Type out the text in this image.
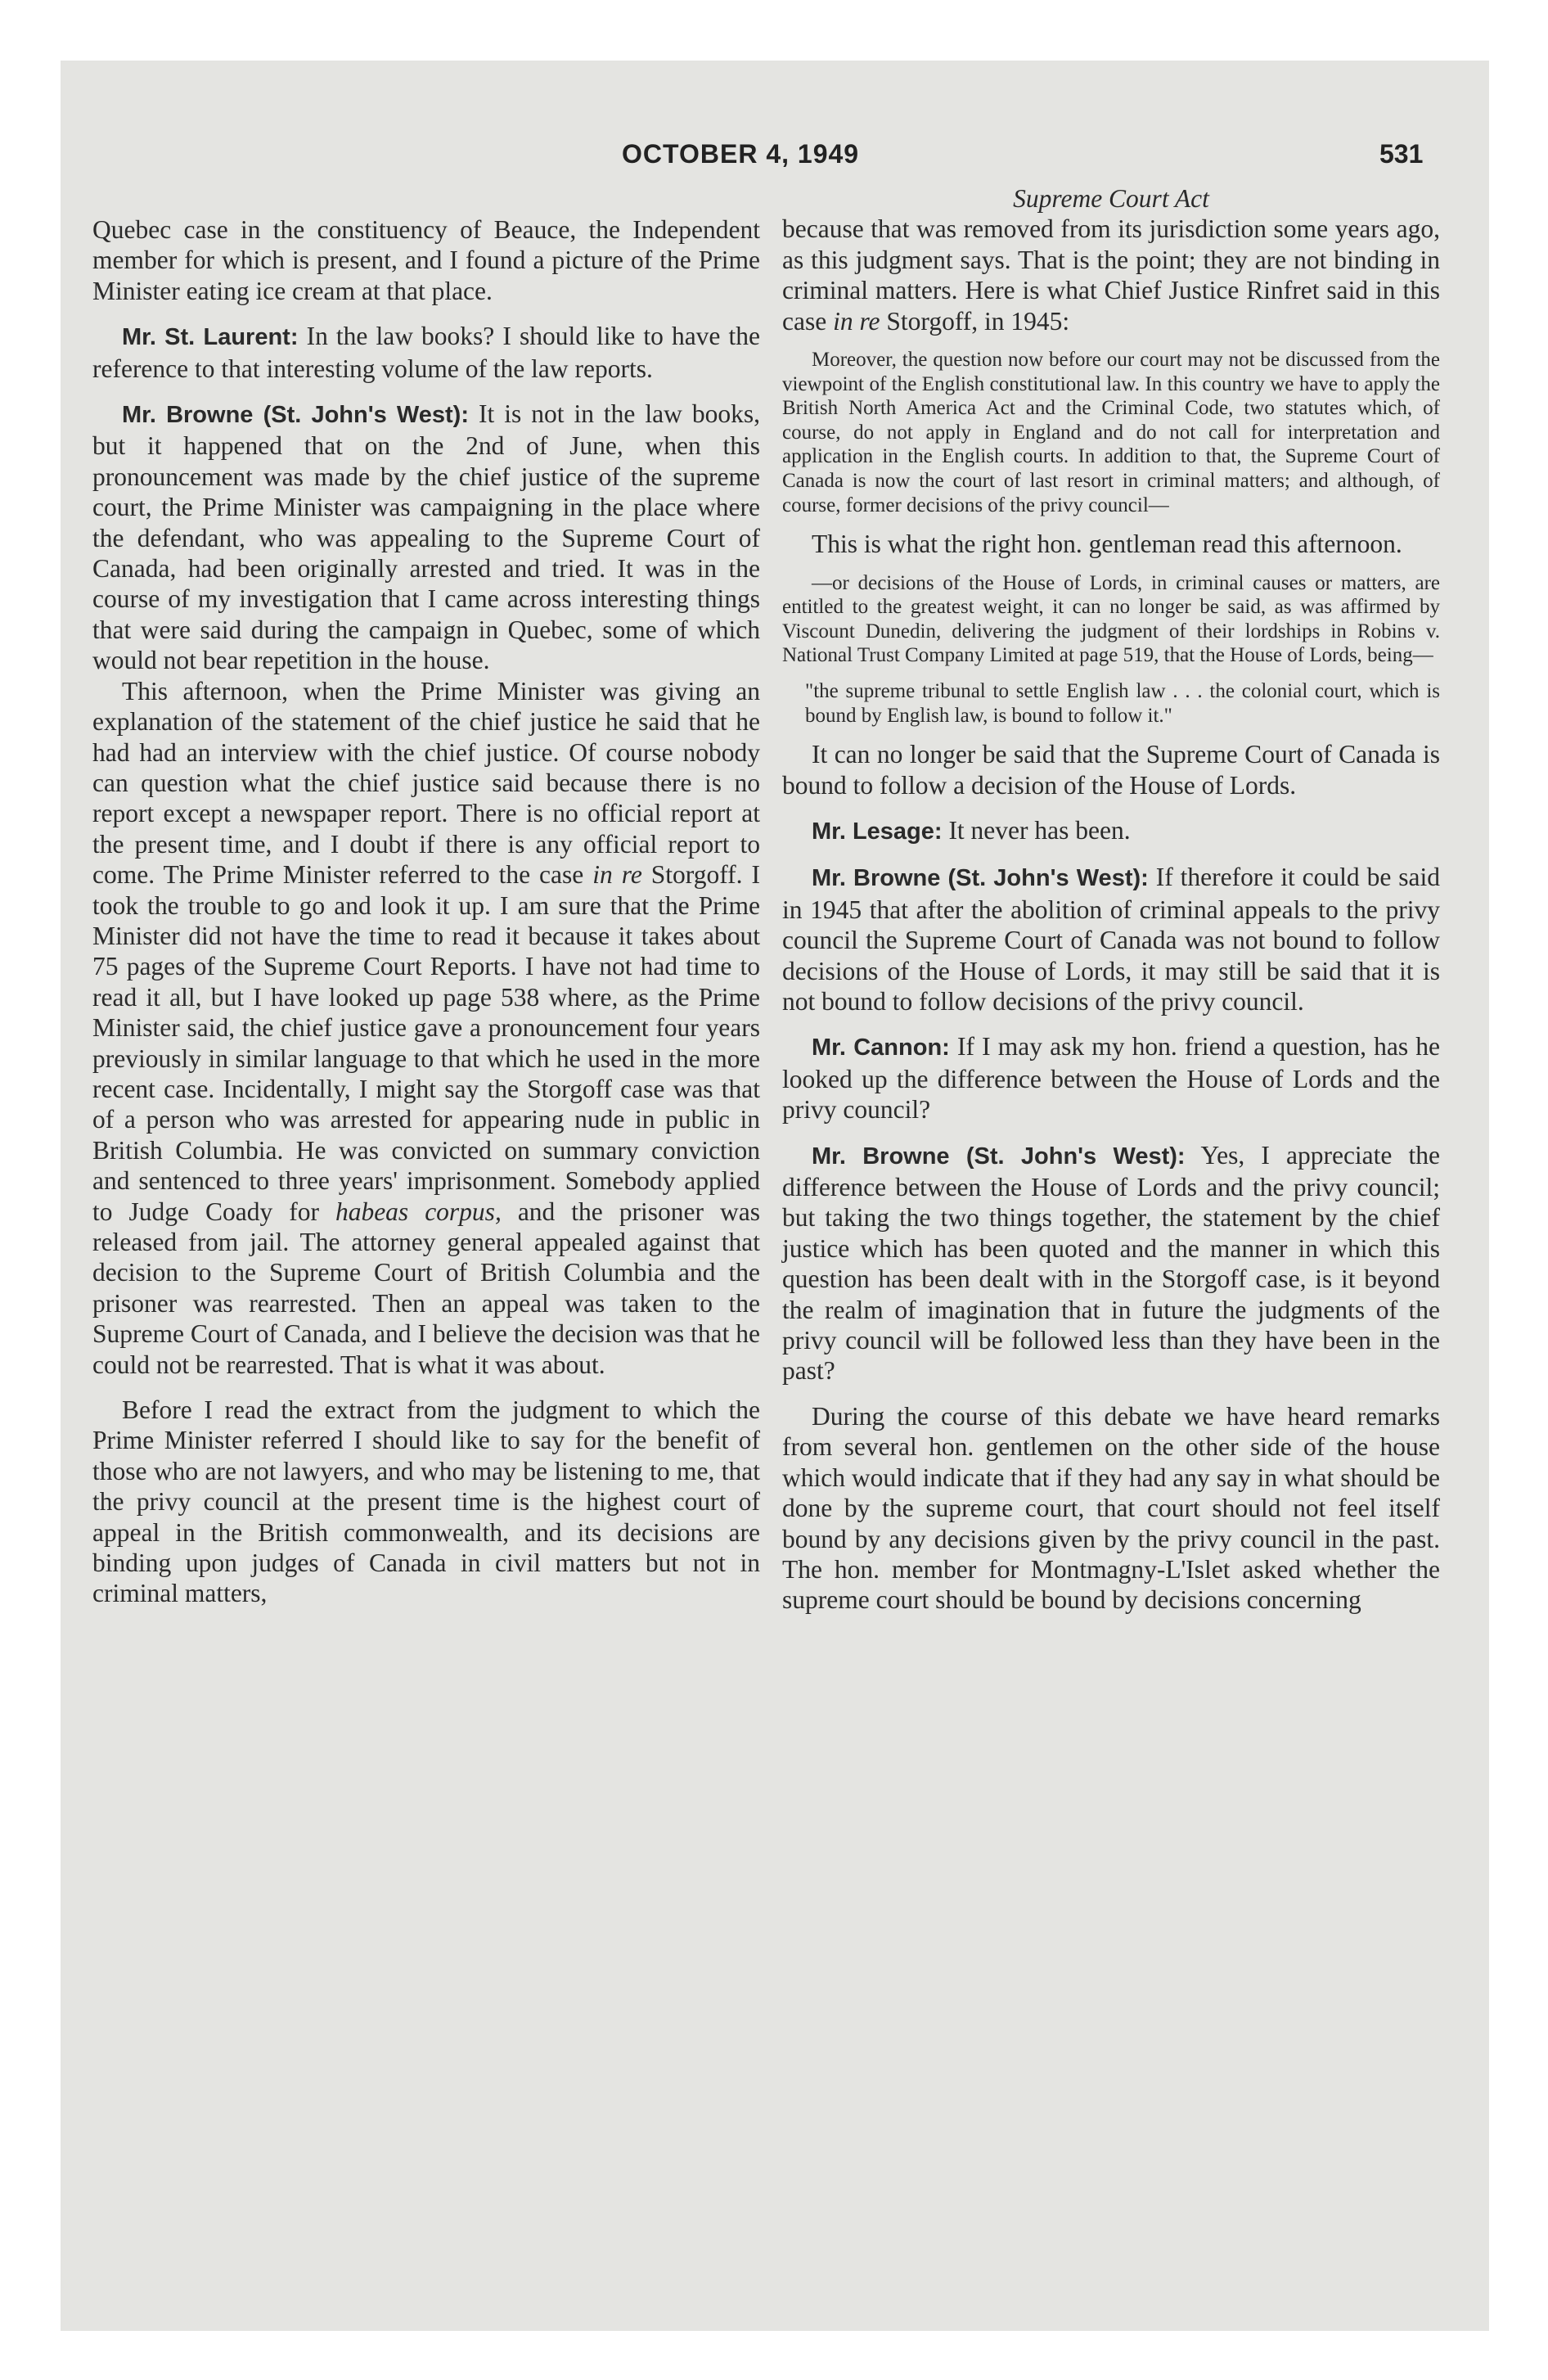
OCTOBER 4, 1949	531

Quebec case in the constituency of Beauce, the Independent member for which is present, and I found a picture of the Prime Minister eating ice cream at that place.

Mr. St. Laurent: In the law books? I should like to have the reference to that interesting volume of the law reports.

Mr. Browne (St. John's West): It is not in the law books, but it happened that on the 2nd of June, when this pronouncement was made by the chief justice of the supreme court, the Prime Minister was campaigning in the place where the defendant, who was appealing to the Supreme Court of Canada, had been originally arrested and tried. It was in the course of my investigation that I came across interesting things that were said during the campaign in Quebec, some of which would not bear repetition in the house.

This afternoon, when the Prime Minister was giving an explanation of the statement of the chief justice he said that he had had an interview with the chief justice. Of course nobody can question what the chief justice said because there is no report except a newspaper report. There is no official report at the present time, and I doubt if there is any official report to come. The Prime Minister referred to the case in re Storgoff. I took the trouble to go and look it up. I am sure that the Prime Minister did not have the time to read it because it takes about 75 pages of the Supreme Court Reports. I have not had time to read it all, but I have looked up page 538 where, as the Prime Minister said, the chief justice gave a pronouncement four years previously in similar language to that which he used in the more recent case. Incidentally, I might say the Storgoff case was that of a person who was arrested for appearing nude in public in British Columbia. He was convicted on summary conviction and sentenced to three years' imprisonment. Somebody applied to Judge Coady for habeas corpus, and the prisoner was released from jail. The attorney general appealed against that decision to the Supreme Court of British Columbia and the prisoner was rearrested. Then an appeal was taken to the Supreme Court of Canada, and I believe the decision was that he could not be rearrested. That is what it was about.

Before I read the extract from the judgment to which the Prime Minister referred I should like to say for the benefit of those who are not lawyers, and who may be listening to me, that the privy council at the present time is the highest court of appeal in the British commonwealth, and its decisions are binding upon judges of Canada in civil matters but not in criminal matters,

Supreme Court Act

because that was removed from its jurisdiction some years ago, as this judgment says. That is the point; they are not binding in criminal matters. Here is what Chief Justice Rinfret said in this case in re Storgoff, in 1945:

Moreover, the question now before our court may not be discussed from the viewpoint of the English constitutional law. In this country we have to apply the British North America Act and the Criminal Code, two statutes which, of course, do not apply in England and do not call for interpretation and application in the English courts. In addition to that, the Supreme Court of Canada is now the court of last resort in criminal matters; and although, of course, former decisions of the privy council—

This is what the right hon. gentleman read this afternoon.

—or decisions of the House of Lords, in criminal causes or matters, are entitled to the greatest weight, it can no longer be said, as was affirmed by Viscount Dunedin, delivering the judgment of their lordships in Robins v. National Trust Company Limited at page 519, that the House of Lords, being—

"the supreme tribunal to settle English law . . . the colonial court, which is bound by English law, is bound to follow it."

It can no longer be said that the Supreme Court of Canada is bound to follow a decision of the House of Lords.

Mr. Lesage: It never has been.

Mr. Browne (St. John's West): If therefore it could be said in 1945 that after the abolition of criminal appeals to the privy council the Supreme Court of Canada was not bound to follow decisions of the House of Lords, it may still be said that it is not bound to follow decisions of the privy council.

Mr. Cannon: If I may ask my hon. friend a question, has he looked up the difference between the House of Lords and the privy council?

Mr. Browne (St. John's West): Yes, I appreciate the difference between the House of Lords and the privy council; but taking the two things together, the statement by the chief justice which has been quoted and the manner in which this question has been dealt with in the Storgoff case, is it beyond the realm of imagination that in future the judgments of the privy council will be followed less than they have been in the past?

During the course of this debate we have heard remarks from several hon. gentlemen on the other side of the house which would indicate that if they had any say in what should be done by the supreme court, that court should not feel itself bound by any decisions given by the privy council in the past. The hon. member for Montmagny-L'Islet asked whether the supreme court should be bound by decisions concerning
